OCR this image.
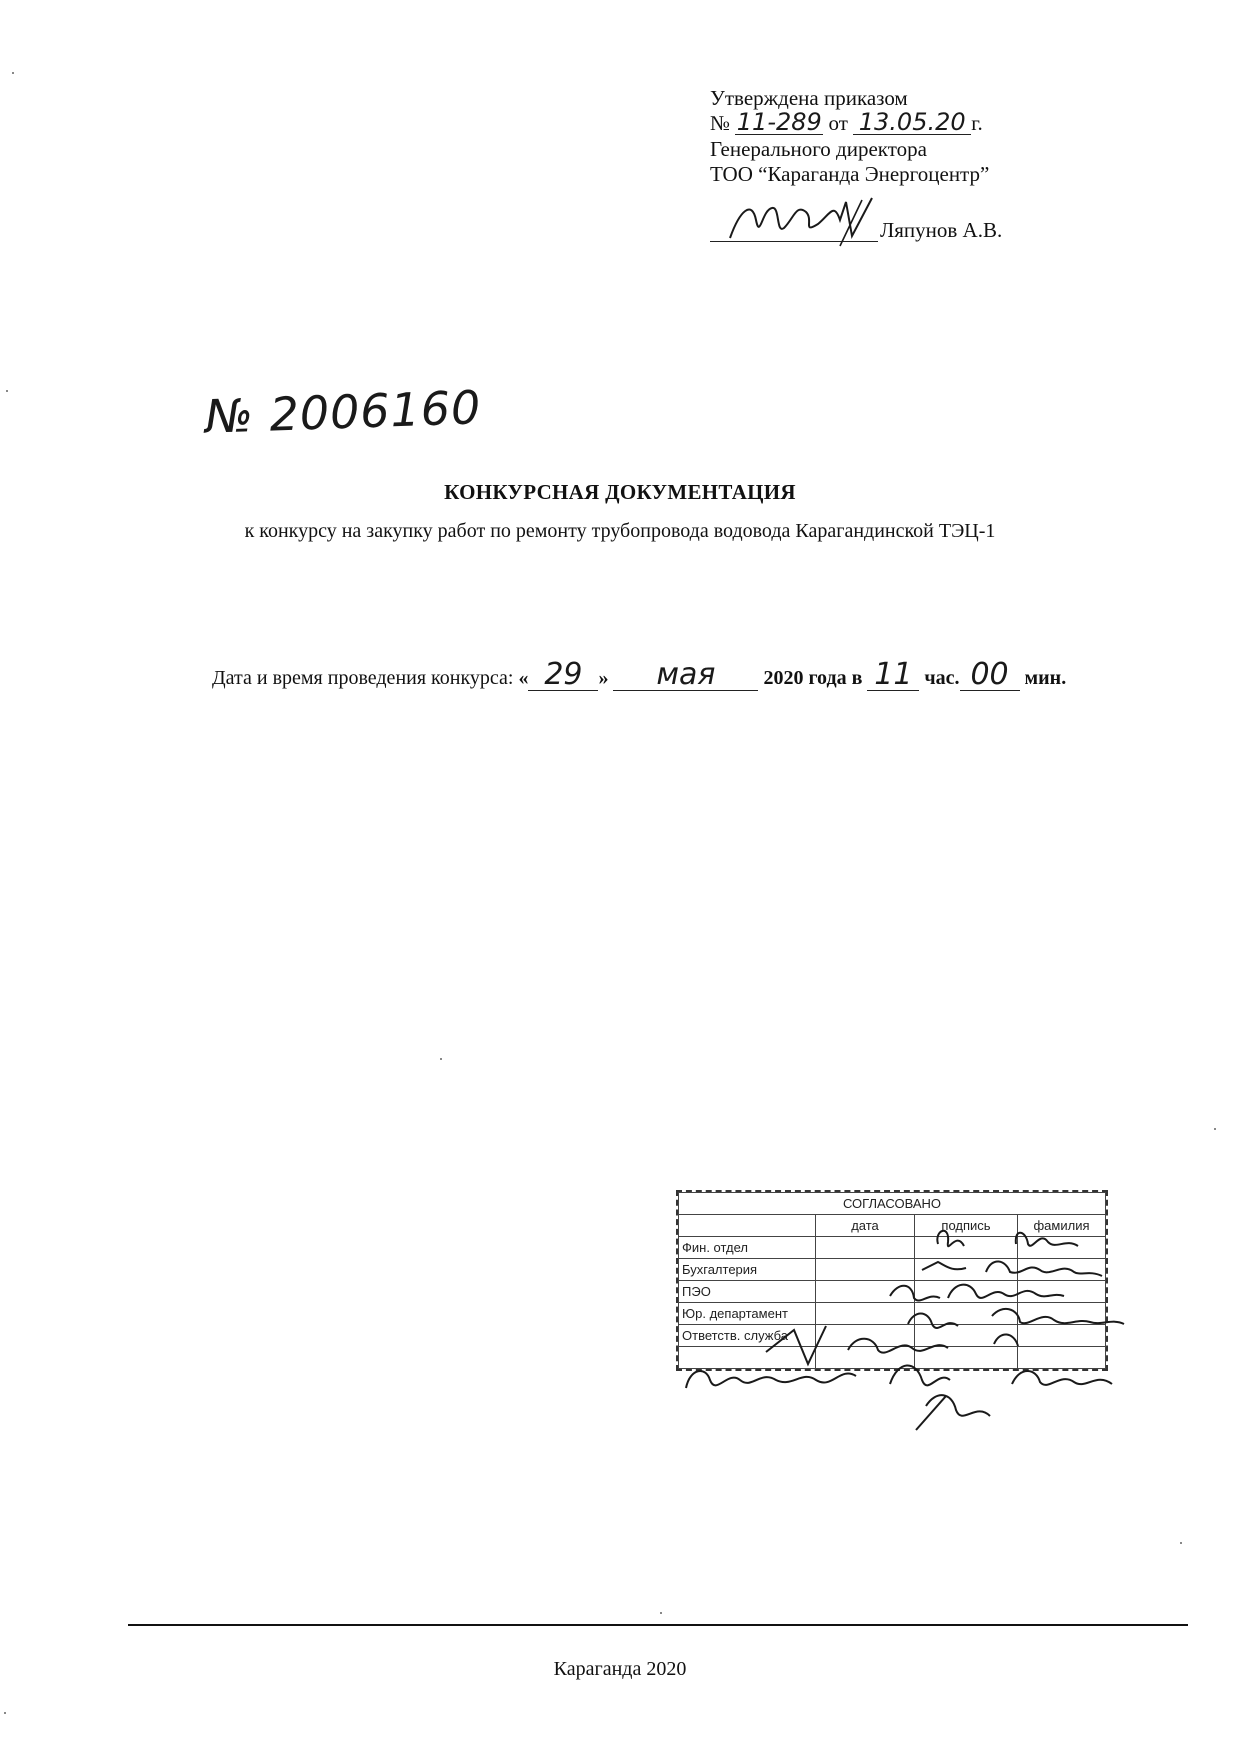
Утверждена приказом
№ 11-289 от 13.05.20 г.
Генерального директора
ТОО “Караганда Энергоцентр”
Ляпунов А.В.
№ 2006160
КОНКУРСНАЯ ДОКУМЕНТАЦИЯ
к конкурсу на закупку работ по ремонту трубопровода водовода Карагандинской ТЭЦ-1
Дата и время проведения конкурса: « 29 » мая 2020 года в 11 час. 00 мин.
СОГЛАСОВАНО			
	дата	подпись	фамилия
Фин. отдел			
Бухгалтерия			
ПЭО			
Юр. департамент			
Ответств. служба			

Караганда 2020
